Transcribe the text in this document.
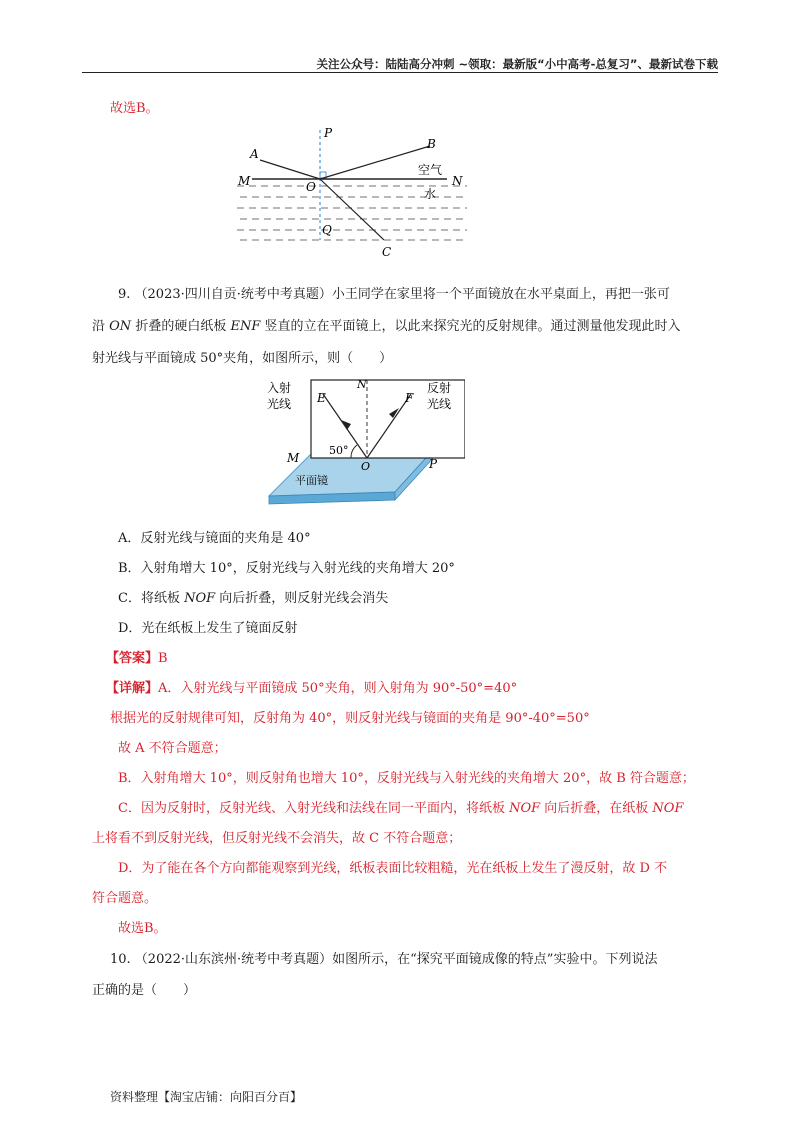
关注公众号：陆陆高分冲刺 ~领取：最新版“小中高考-总复习”、最新试卷下载
故选B。
P
A
B
空气
M	O	N
水
Q
C
9. （2023·四川自贡·统考中考真题）小王同学在家里将一个平面镜放在水平桌面上，再把一张可
沿 ON 折叠的硬白纸板 ENF 竖直的立在平面镜上，以此来探究光的反射规律。通过测量他发现此时入
射光线与平面镜成 50°夹角，如图所示，则（　　）
入射
光线
反射
光线
E	F
N
M
50°
O	P
平面镜
A．反射光线与镜面的夹角是 40°
B．入射角增大 10°，反射光线与入射光线的夹角增大 20°
C．将纸板 NOF 向后折叠，则反射光线会消失
D．光在纸板上发生了镜面反射
【答案】B
【详解】A．入射光线与平面镜成 50°夹角，则入射角为 90°-50°=40°
根据光的反射规律可知，反射角为 40°，则反射光线与镜面的夹角是 90°-40°=50°
故 A 不符合题意；
B．入射角增大 10°，则反射角也增大 10°，反射光线与入射光线的夹角增大 20°，故 B 符合题意；
C．因为反射时，反射光线、入射光线和法线在同一平面内，将纸板 NOF 向后折叠，在纸板 NOF
上将看不到反射光线，但反射光线不会消失，故 C 不符合题意；
D．为了能在各个方向都能观察到光线，纸板表面比较粗糙，光在纸板上发生了漫反射，故 D 不
符合题意。
故选B。
10. （2022·山东滨州·统考中考真题）如图所示，在“探究平面镜成像的特点”实验中。下列说法
正确的是（　　）
资料整理【淘宝店铺：向阳百分百】
